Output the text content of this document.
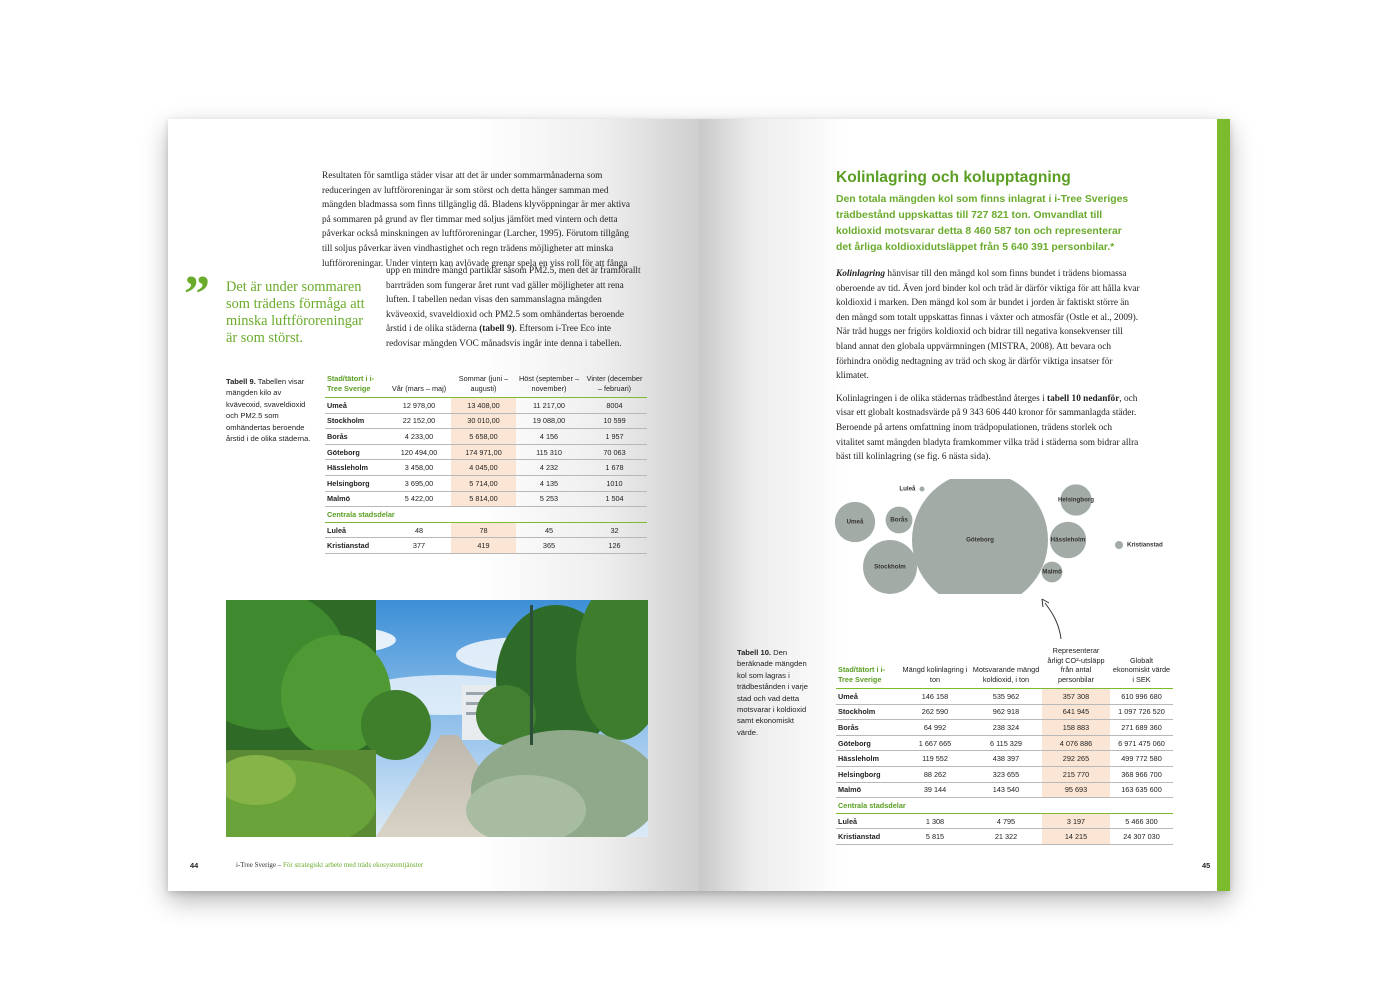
Resultaten för samtliga städer visar att det är under sommarmånaderna som reduceringen av luftföroreningar är som störst och detta hänger samman med mängden bladmassa som finns tillgänglig då. Bladens klyvöppningar är mer aktiva på sommaren på grund av fler timmar med soljus jämfört med vintern och detta påverkar också minskningen av luftföroreningar (Larcher, 1995). Förutom tillgång till soljus påverkar även vindhastighet och regn trädens möjligheter att minska luftföroreningar. Under vintern kan avlövade grenar spela en viss roll för att fånga
upp en mindre mängd partiklar såsom PM2.5, men det är framförallt barrträden som fungerar året runt vad gäller möjligheter att rena luften. I tabellen nedan visas den sammanslagna mängden kväveoxid, svaveldioxid och PM2.5 som omhändertas beroende årstid i de olika städerna (tabell 9). Eftersom i-Tree Eco inte redovisar mängden VOC månadsvis ingår inte denna i tabellen.
” Det är under sommaren som trädens förmåga att minska luftföroreningar är som störst.
Tabell 9. Tabellen visar mängden kilo av kväveoxid, svaveldioxid och PM2.5 som omhändertas beroende årstid i de olika städerna.
Stad/tätort i i-Tree Sverige	Vår (mars – maj)	Sommar (juni – augusti)	Höst (september – november)	Vinter (december – februari)
Umeå	12 978,00	13 408,00	11 217,00	8004
Stockholm	22 152,00	30 010,00	19 088,00	10 599
Borås	4 233,00	5 658,00	4 156	1 957
Göteborg	120 494,00	174 971,00	115 310	70 063
Hässleholm	3 458,00	4 045,00	4 232	1 678
Helsingborg	3 695,00	5 714,00	4 135	1010
Malmö	5 422,00	5 814,00	5 253	1 504
Centrala stadsdelar				
Luleå	48	78	45	32
Kristianstad	377	419	365	126
44	i-Tree Sverige – För strategiskt arbete med träds ekosystemtjänster
Kolinlagring och kolupptagning
Den totala mängden kol som finns inlagrat i i-Tree Sveriges trädbestånd uppskattas till 727 821 ton. Omvandlat till koldioxid motsvarar detta 8 460 587 ton och representerar det årliga koldioxidutsläppet från 5 640 391 personbilar.*

Kolinlagring hänvisar till den mängd kol som finns bundet i trädens biomassa oberoende av tid. Även jord binder kol och träd är därför viktiga för att hålla kvar koldioxid i marken. Den mängd kol som är bundet i jorden är faktiskt större än den mängd som totalt uppskattas finnas i växter och atmosfär (Ostle et al., 2009). När träd huggs ner frigörs koldioxid och bidrar till negativa konsekvenser till bland annat den globala uppvärmningen (MISTRA, 2008). Att bevara och förhindra onödig nedtagning av träd och skog är därför viktiga insatser för klimatet.

Kolinlagringen i de olika städernas trädbestånd återges i tabell 10 nedanför, och visar ett globalt kostnadsvärde på 9 343 606 440 kronor för sammanlagda städer. Beroende på artens omfattning inom trädpopulationen, trädens storlek och vitalitet samt mängden bladyta framkommer vilka träd i städerna som bidrar allra bäst till kolinlagring (se fig. 6 nästa sida).

Göteborg
Stockholm
Umeå
Hässleholm
Helsingborg
Borås
Malmö
Kristianstad
Luleå
Tabell 10. Den beräknade mängden kol som lagras i trädbestånden i varje stad och vad detta motsvarar i koldioxid samt ekonomiskt värde.
Stad/tätort i i-Tree Sverige	Mängd kolinlagring i ton	Motsvarande mängd koldioxid, i ton	Representerar årligt CO²-utsläpp från antal personbilar	Globalt ekonomiskt värde i SEK
Umeå	146 158	535 962	357 308	610 996 680
Stockholm	262 590	962 918	641 945	1 097 726 520
Borås	64 992	238 324	158 883	271 689 360
Göteborg	1 667 665	6 115 329	4 076 886	6 971 475 060
Hässleholm	119 552	438 397	292 265	499 772 580
Helsingborg	88 262	323 655	215 770	368 966 700
Malmö	39 144	143 540	95 693	163 635 600
Centrala stadsdelar				
Luleå	1 308	4 795	3 197	5 466 300
Kristianstad	5 815	21 322	14 215	24 307 030
45
